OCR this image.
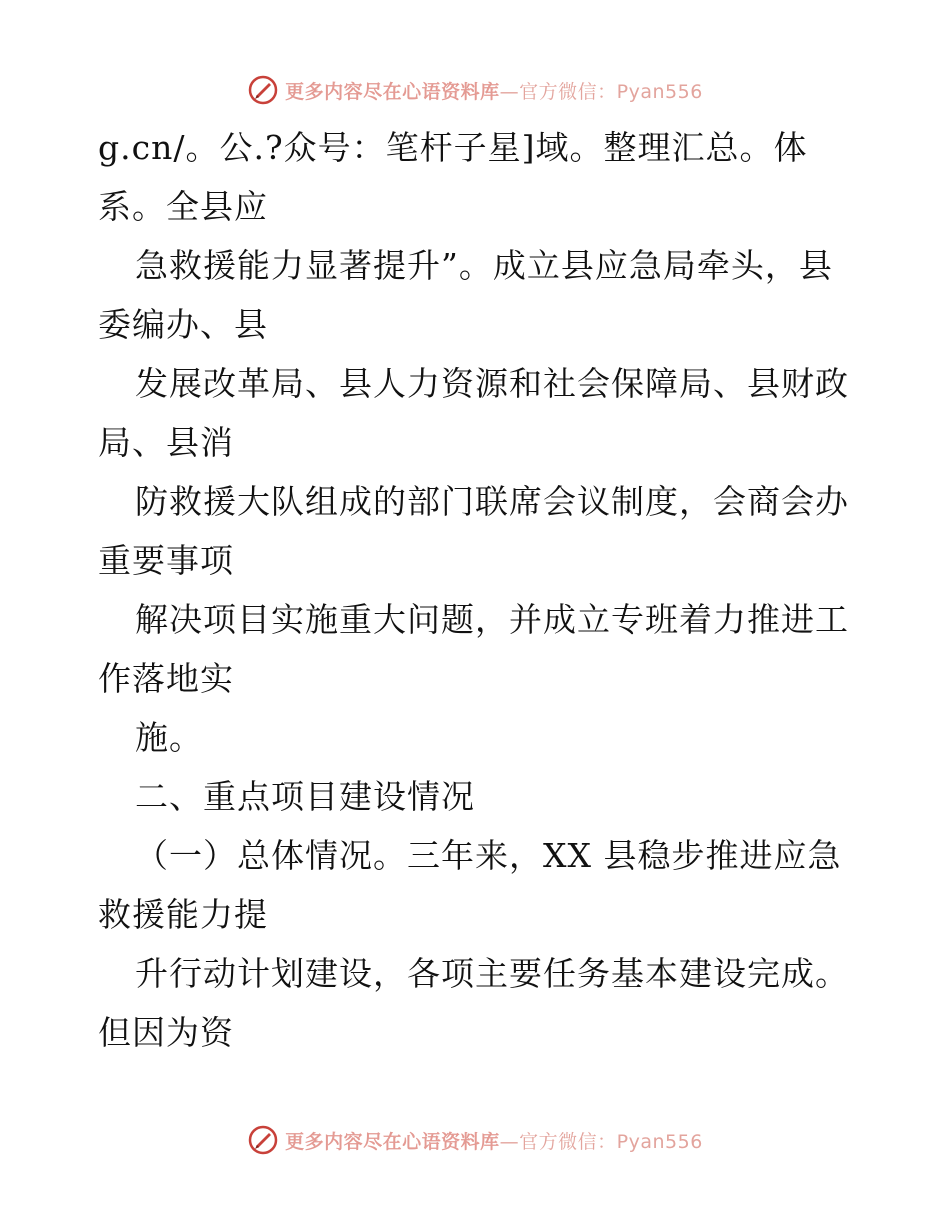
更多内容尽在心语资料库—官方微信：Pyan556
g.cn/。公.?众号：笔杆子星]域。整理汇总。体
系。全县应
急救援能力显著提升”。成立县应急局牵头，县
委编办、县
发展改革局、县人力资源和社会保障局、县财政
局、县消
防救援大队组成的部门联席会议制度，会商会办
重要事项
解决项目实施重大问题，并成立专班着力推进工
作落地实
施。
二、重点项目建设情况
（一）总体情况。三年来，XX 县稳步推进应急
救援能力提
升行动计划建设，各项主要任务基本建设完成。
但因为资
更多内容尽在心语资料库—官方微信：Pyan556
